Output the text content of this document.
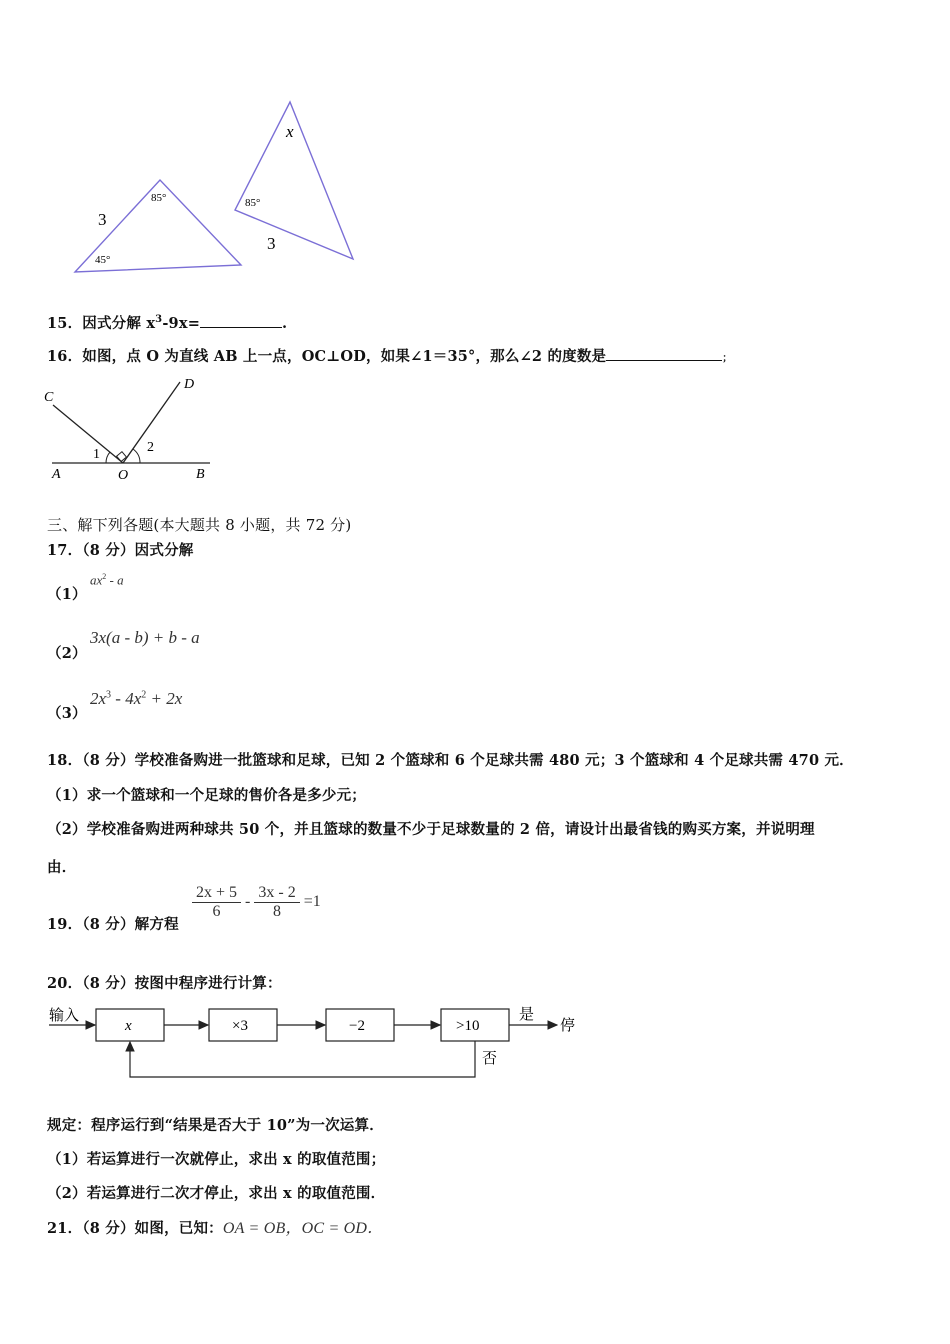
3
85°
45°
x
85°
3
15．因式分解 $x^3-9x=$	.
16．如图，点 O 为直线 AB 上一点，OC⊥OD，如果∠1＝35°，那么∠2 的度数是	；
C
D
A	O	B
1	2
三、解下列各题(本大题共 8 小题，共 72 分)
17．（8 分）因式分解
（1）
$ax^2$ - a
（2）
3x(a - b) + b - a
（3）
$2x^3 - 4x^2 + 2x$
18．（8 分）学校准备购进一批篮球和足球，已知 2 个篮球和 6 个足球共需 480 元；3 个篮球和 4 个足球共需 470 元．
（1）求一个篮球和一个足球的售价各是多少元；
（2）学校准备购进两种球共 50 个，并且篮球的数量不少于足球数量的 2 倍，请设计出最省钱的购买方案，并说明理
由．
19．（8 分）解方程
$\frac{2x + 5}{6} - \frac{3x - 2}{8} =1$
20．（8 分）按图中程序进行计算：
输入
x	×3	−2	>10
是
停
否
规定：程序运行到“结果是否大于 10”为一次运算．
（1）若运算进行一次就停止，求出 x 的取值范围；
（2）若运算进行二次才停止，求出 x 的取值范围．
21．（8 分）如图，已知：OA = OB，OC = OD．
